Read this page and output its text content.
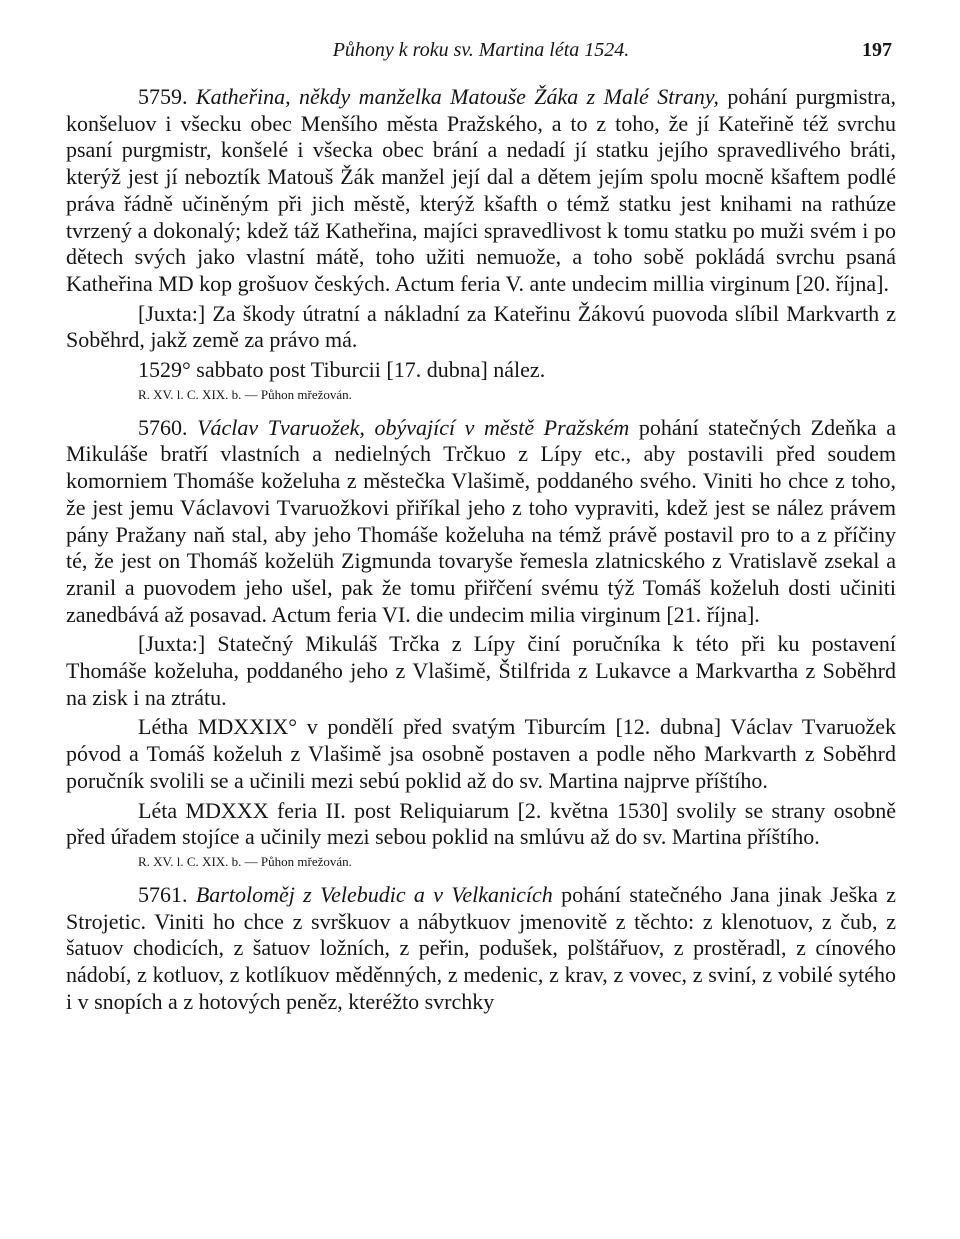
Půhony k roku sv. Martina léta 1524.	197

5759. Katheřina, někdy manželka Matouše Žáka z Malé Strany, pohání purgmistra, konšeluov i všecku obec Menšího města Pražského, a to z toho, že jí Kateřině též svrchu psaní purgmistr, konšelé i všecka obec brání a nedadí jí statku jejího spravedlivého bráti, kterýž jest jí neboztík Matouš Žák manžel její dal a dětem jejím spolu mocně kšaftem podlé práva řádně učiněným při jich městě, kterýž kšafth o témž statku jest knihami na rathúze tvrzený a dokonalý; kdež táž Katheřina, majíci spravedlivost k tomu statku po muži svém i po dětech svých jako vlastní mátě, toho užiti nemuože, a toho sobě pokládá svrchu psaná Katheřina MD kop grošuov českých. Actum feria V. ante undecim millia virginum [20. října].

[Juxta:] Za škody útratní a nákladní za Kateřinu Žákovú puovoda slíbil Markvarth z Soběhrd, jakž země za právo má.

1529° sabbato post Tiburcii [17. dubna] nález.

R. XV. l. C. XIX. b. — Půhon mřežován.

5760. Václav Tvaruožek, obývající v městě Pražském pohání statečných Zdeňka a Mikuláše bratří vlastních a nedielných Trčkuo z Lípy etc., aby postavili před soudem komorniem Thomáše koželuha z městečka Vlašimě, poddaného svého. Viniti ho chce z toho, že jest jemu Václavovi Tvaruožkovi přiříkal jeho z toho vypraviti, kdež jest se nález právem pány Pražany naň stal, aby jeho Thomáše koželuha na témž právě postavil pro to a z příčiny té, že jest on Thomáš koželüh Zigmunda tovaryše řemesla zlatnicského z Vratislavě zsekal a zranil a puovodem jeho ušel, pak že tomu přiřčení svému týž Tomáš koželuh dosti učiniti zanedbává až posavad. Actum feria VI. die undecim milia virginum [21. října].

[Juxta:] Statečný Mikuláš Trčka z Lípy činí poručníka k této při ku postavení Thomáše koželuha, poddaného jeho z Vlašimě, Štilfrida z Lukavce a Markvartha z Soběhrd na zisk i na ztrátu.

Létha MDXXIX° v pondělí před svatým Tiburcím [12. dubna] Václav Tvaruožek póvod a Tomáš koželuh z Vlašimě jsa osobně postaven a podle něho Markvarth z Soběhrd poručník svolili se a učinili mezi sebú poklid až do sv. Martina najprve příštího.

Léta MDXXX feria II. post Reliquiarum [2. května 1530] svolily se strany osobně před úřadem stojíce a učinily mezi sebou poklid na smlúvu až do sv. Martina příštího.

R. XV. l. C. XIX. b. — Půhon mřežován.

5761. Bartoloměj z Velebudic a v Velkanicích pohání statečného Jana jinak Ješka z Strojetic. Viniti ho chce z svrškuov a nábytkuov jmenovitě z těchto: z klenotuov, z čub, z šatuov chodicích, z šatuov ložních, z peřin, podušek, polštářuov, z prostěradl, z cínového nádobí, z kotluov, z kotlíkuov měděnných, z medenic, z krav, z vovec, z sviní, z vobilé sytého i v snopích a z hotových peněz, kteréžto svrchky
